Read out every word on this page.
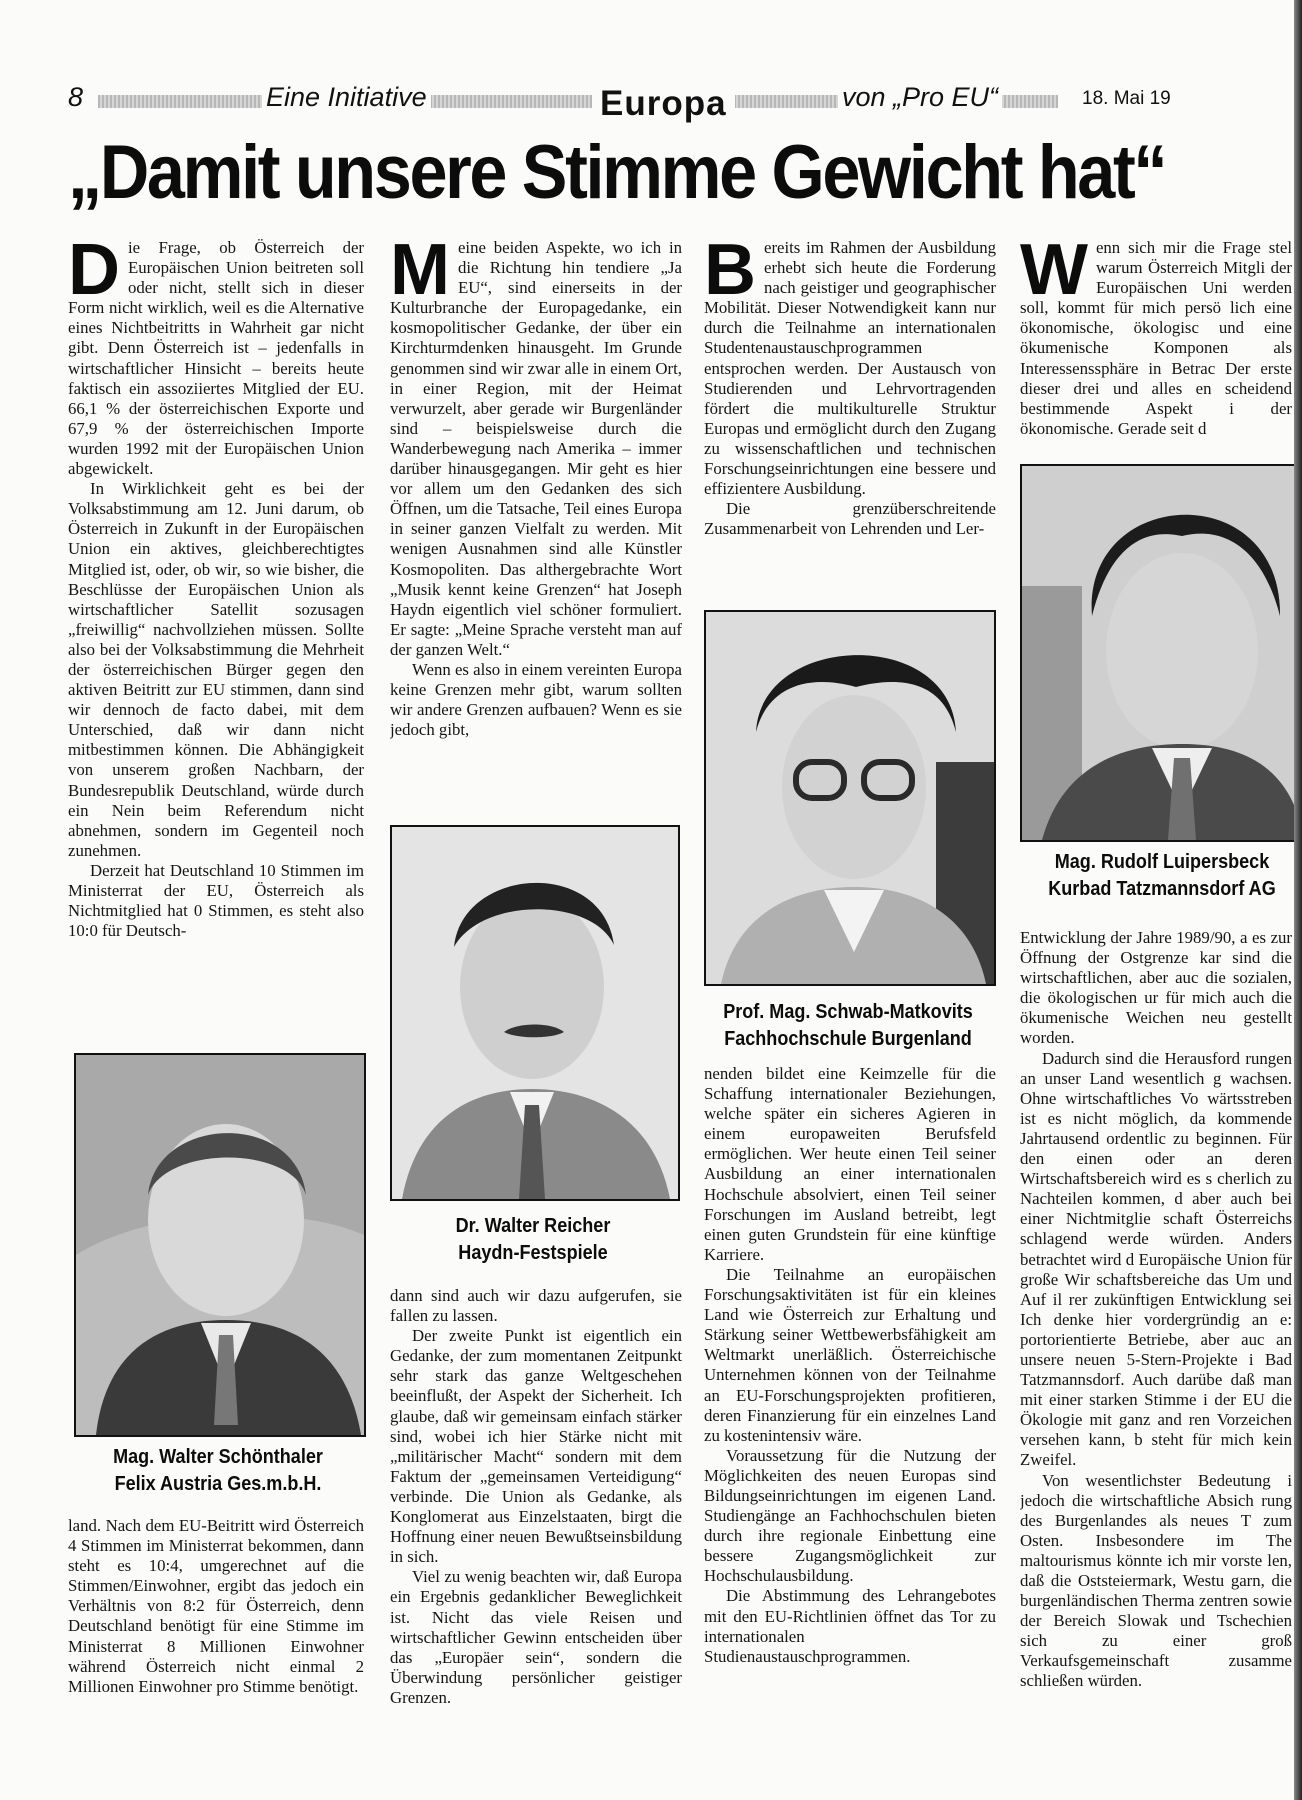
8	Eine Initiative	Europa	von „Pro EU“	18. Mai 19
„Damit unsere Stimme Gewicht hat“

Die Frage, ob Österreich der Europäischen Union beitreten soll oder nicht, stellt sich in dieser Form nicht wirklich, weil es die Alternative eines Nichtbeitritts in Wahrheit gar nicht gibt. Denn Österreich ist – jedenfalls in wirtschaftlicher Hinsicht – bereits heute faktisch ein assoziiertes Mitglied der EU. 66,1 % der österreichischen Exporte und 67,9 % der österreichischen Importe wurden 1992 mit der Europäischen Union abgewickelt.

In Wirklichkeit geht es bei der Volksabstimmung am 12. Juni darum, ob Österreich in Zukunft in der Europäischen Union ein aktives, gleichberechtigtes Mitglied ist, oder, ob wir, so wie bisher, die Beschlüsse der Europäischen Union als wirtschaftlicher Satellit sozusagen „freiwillig“ nachvollziehen müssen. Sollte also bei der Volksabstimmung die Mehrheit der österreichischen Bürger gegen den aktiven Beitritt zur EU stimmen, dann sind wir dennoch de facto dabei, mit dem Unterschied, daß wir dann nicht mitbestimmen können. Die Abhängigkeit von unserem großen Nachbarn, der Bundesrepublik Deutschland, würde durch ein Nein beim Referendum nicht abnehmen, sondern im Gegenteil noch zunehmen.

Derzeit hat Deutschland 10 Stimmen im Ministerrat der EU, Österreich als Nichtmitglied hat 0 Stimmen, es steht also 10:0 für Deutsch-

Mag. Walter Schönthaler
Felix Austria Ges.m.b.H.

land. Nach dem EU-Beitritt wird Österreich 4 Stimmen im Ministerrat bekommen, dann steht es 10:4, umgerechnet auf die Stimmen/Einwohner, ergibt das jedoch ein Verhältnis von 8:2 für Österreich, denn Deutschland benötigt für eine Stimme im Ministerrat 8 Millionen Einwohner während Österreich nicht einmal 2 Millionen Einwohner pro Stimme benötigt.

Meine beiden Aspekte, wo ich in die Richtung hin tendiere „Ja EU“, sind einerseits in der Kulturbranche der Europagedanke, ein kosmopolitischer Gedanke, der über ein Kirchturmdenken hinausgeht. Im Grunde genommen sind wir zwar alle in einem Ort, in einer Region, mit der Heimat verwurzelt, aber gerade wir Burgenländer sind – beispielsweise durch die Wanderbewegung nach Amerika – immer darüber hinausgegangen. Mir geht es hier vor allem um den Gedanken des sich Öffnen, um die Tatsache, Teil eines Europa in seiner ganzen Vielfalt zu werden. Mit wenigen Ausnahmen sind alle Künstler Kosmopoliten. Das althergebrachte Wort „Musik kennt keine Grenzen“ hat Joseph Haydn eigentlich viel schöner formuliert. Er sagte: „Meine Sprache versteht man auf der ganzen Welt.“

Wenn es also in einem vereinten Europa keine Grenzen mehr gibt, warum sollten wir andere Grenzen aufbauen? Wenn es sie jedoch gibt,

Dr. Walter Reicher
Haydn-Festspiele

dann sind auch wir dazu aufgerufen, sie fallen zu lassen.

Der zweite Punkt ist eigentlich ein Gedanke, der zum momentanen Zeitpunkt sehr stark das ganze Weltgeschehen beeinflußt, der Aspekt der Sicherheit. Ich glaube, daß wir gemeinsam einfach stärker sind, wobei ich hier Stärke nicht mit „militärischer Macht“ sondern mit dem Faktum der „gemeinsamen Verteidigung“ verbinde. Die Union als Gedanke, als Konglomerat aus Einzelstaaten, birgt die Hoffnung einer neuen Bewußtseinsbildung in sich.

Viel zu wenig beachten wir, daß Europa ein Ergebnis gedanklicher Beweglichkeit ist. Nicht das viele Reisen und wirtschaftlicher Gewinn entscheiden über das „Europäer sein“, sondern die Überwindung persönlicher geistiger Grenzen.

Bereits im Rahmen der Ausbildung erhebt sich heute die Forderung nach geistiger und geographischer Mobilität. Dieser Notwendigkeit kann nur durch die Teilnahme an internationalen Studentenaustauschprogrammen entsprochen werden. Der Austausch von Studierenden und Lehrvortragenden fördert die multikulturelle Struktur Europas und ermöglicht durch den Zugang zu wissenschaftlichen und technischen Forschungseinrichtungen eine bessere und effizientere Ausbildung.

Die grenzüberschreitende Zusammenarbeit von Lehrenden und Ler-

Prof. Mag. Schwab-Matkovits
Fachhochschule Burgenland

nenden bildet eine Keimzelle für die Schaffung internationaler Beziehungen, welche später ein sicheres Agieren in einem europaweiten Berufsfeld ermöglichen. Wer heute einen Teil seiner Ausbildung an einer internationalen Hochschule absolviert, einen Teil seiner Forschungen im Ausland betreibt, legt einen guten Grundstein für eine künftige Karriere.

Die Teilnahme an europäischen Forschungsaktivitäten ist für ein kleines Land wie Österreich zur Erhaltung und Stärkung seiner Wettbewerbsfähigkeit am Weltmarkt unerläßlich. Österreichische Unternehmen können von der Teilnahme an EU-Forschungsprojekten profitieren, deren Finanzierung für ein einzelnes Land zu kostenintensiv wäre.

Voraussetzung für die Nutzung der Möglichkeiten des neuen Europas sind Bildungseinrichtungen im eigenen Land. Studiengänge an Fachhochschulen bieten durch ihre regionale Einbettung eine bessere Zugangsmöglichkeit zur Hochschulausbildung.

Die Abstimmung des Lehrangebotes mit den EU-Richtlinien öffnet das Tor zu internationalen Studienaustauschprogrammen.

Wenn sich mir die Frage stel warum Österreich Mitgli der Europäischen Uni werden soll, kommt für mich persö lich eine ökonomische, ökologisc und eine ökumenische Komponen als Interessenssphäre in Betrac Der erste dieser drei und alles en scheidend bestimmende Aspekt i der ökonomische. Gerade seit d

Mag. Rudolf Luipersbeck
Kurbad Tatzmannsdorf AG

Entwicklung der Jahre 1989/90, a es zur Öffnung der Ostgrenze kar sind die wirtschaftlichen, aber auc die sozialen, die ökologischen ur für mich auch die ökumenische Weichen neu gestellt worden.

Dadurch sind die Herausford rungen an unser Land wesentlich g wachsen. Ohne wirtschaftliches Vo wärtsstreben ist es nicht möglich, da kommende Jahrtausend ordentlic zu beginnen. Für den einen oder an deren Wirtschaftsbereich wird es s cherlich zu Nachteilen kommen, d aber auch bei einer Nichtmitglie schaft Österreichs schlagend werde würden. Anders betrachtet wird d Europäische Union für große Wir schaftsbereiche das Um und Auf il rer zukünftigen Entwicklung sei Ich denke hier vordergründig an e: portorientierte Betriebe, aber auc an unsere neuen 5-Stern-Projekte i Bad Tatzmannsdorf. Auch darübe daß man mit einer starken Stimme i der EU die Ökologie mit ganz and ren Vorzeichen versehen kann, b steht für mich kein Zweifel.

Von wesentlichster Bedeutung i jedoch die wirtschaftliche Absich rung des Burgenlandes als neues T zum Osten. Insbesondere im The maltourismus könnte ich mir vorste len, daß die Oststeiermark, Westu garn, die burgenländischen Therma zentren sowie der Bereich Slowak und Tschechien sich zu einer groß Verkaufsgemeinschaft zusamme schließen würden.
